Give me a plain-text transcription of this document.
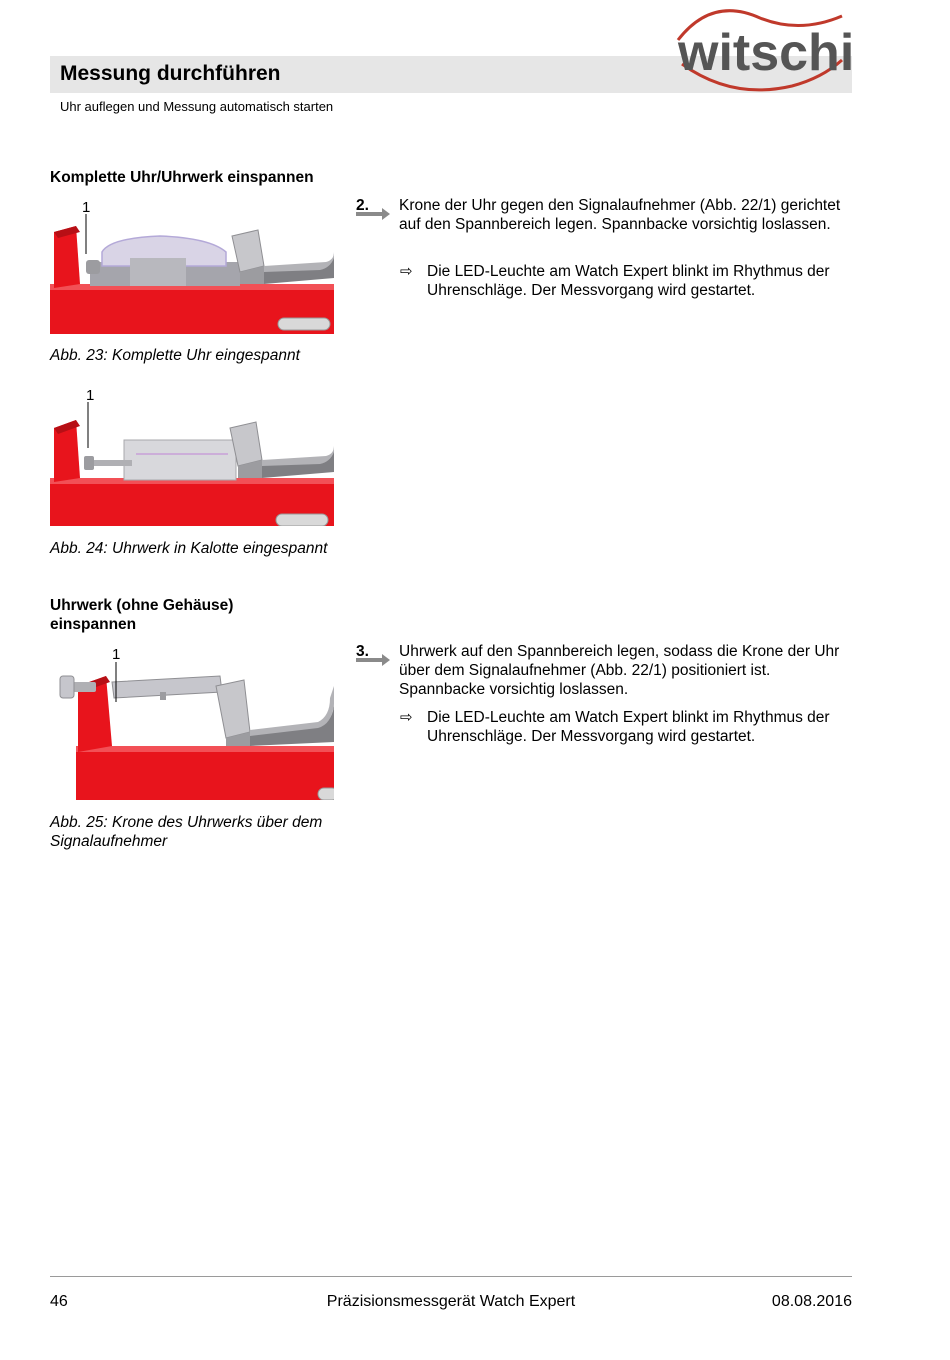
Messung durchführen
Uhr auflegen und Messung automatisch starten
witschi
Komplette Uhr/Uhrwerk einspannen
1
Abb. 23: Komplette Uhr eingespannt
1
Abb. 24: Uhrwerk in Kalotte eingespannt
2. Krone der Uhr gegen den Signalaufnehmer (Abb. 22/1) gerichtet auf den Spannbereich legen. Spannbacke vorsichtig loslassen.
⇨ Die LED-Leuchte am Watch Expert blinkt im Rhythmus der Uhrenschläge. Der Messvorgang wird gestartet.
Uhrwerk (ohne Gehäuse) einspannen
1
Abb. 25: Krone des Uhrwerks über dem Signalaufnehmer
3. Uhrwerk auf den Spannbereich legen, sodass die Krone der Uhr über dem Signalaufnehmer (Abb. 22/1) positioniert ist. Spannbacke vorsichtig loslassen.
⇨ Die LED-Leuchte am Watch Expert blinkt im Rhythmus der Uhrenschläge. Der Messvorgang wird gestartet.
46	Präzisionsmessgerät Watch Expert	08.08.2016
